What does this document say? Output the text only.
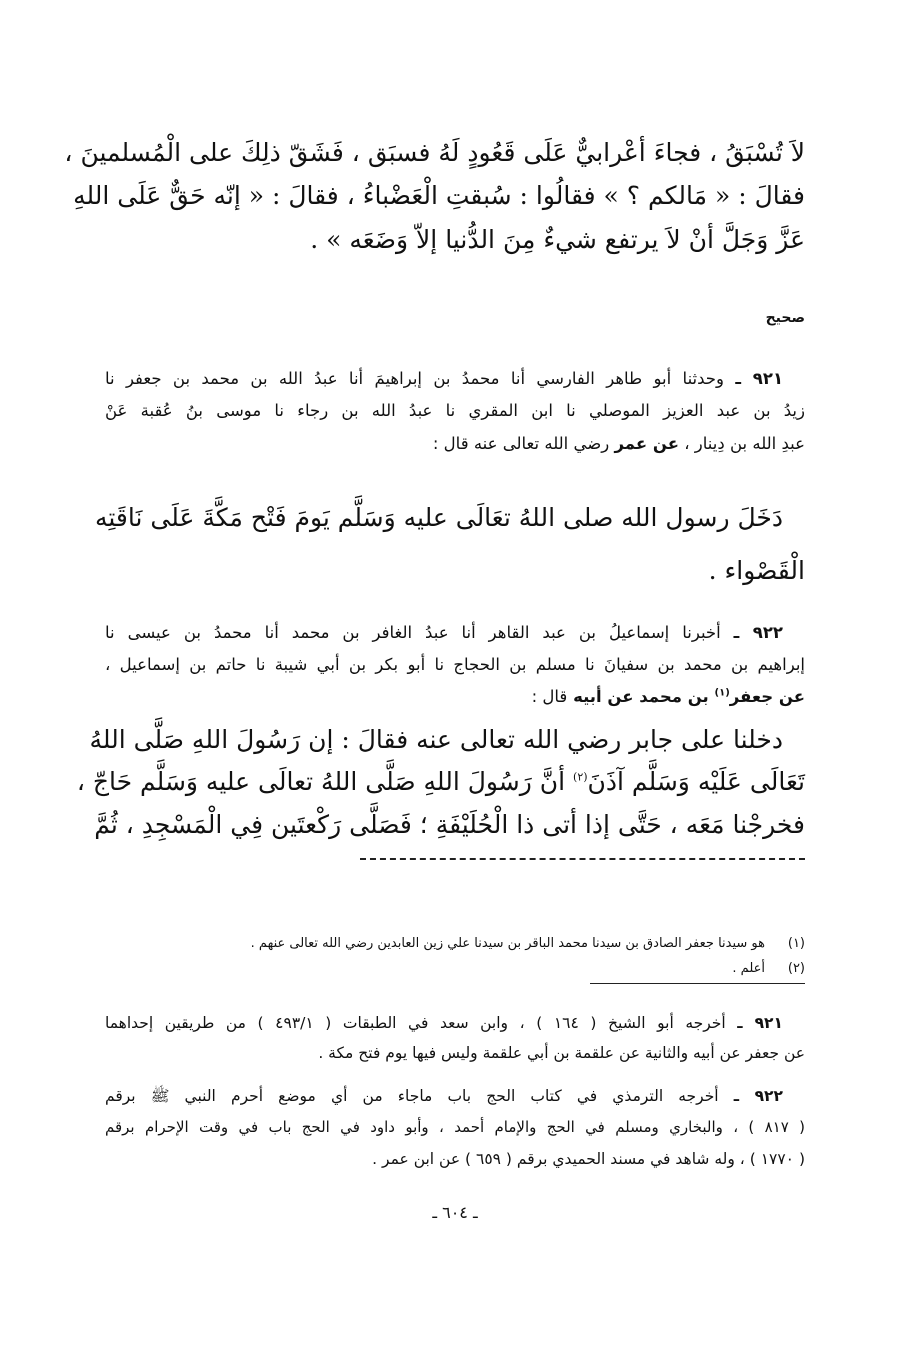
لاَ تُسْبَقُ ، فجاءَ أعْرابيٌّ عَلَى قَعُودٍ لَهُ فسبَق ، فَشَقّ ذلِكَ على الْمُسلمينَ ،
فقالَ : « مَالكم ؟ » فقالُوا : سُبقتِ الْعَضْباءُ ، فقالَ : « إنّه حَقٌّ عَلَى اللهِ
عَزَّ وَجَلَّ أنْ لاَ يرتفع شيءٌ مِنَ الدُّنيا إلاّ وَضَعَه » .
صحيح
٩٢١ ـ وحدثنا أبو طاهر الفارسي أنا محمدُ بن إبراهيمَ أنا عبدُ الله بن محمد بن جعفر نا
زيدُ بن عبد العزيز الموصلي نا ابن المقري نا عبدُ الله بن رجاء نا موسى بنُ عُقبة عَنْ
عبدِ الله بن دِينار ، عن عمر رضي الله تعالى عنه قال :
دَخَلَ رسول الله صلى اللهُ تعَالَى عليه وَسَلَّم يَومَ فَتْح مَكَّةَ عَلَى نَاقَتِه
الْقَصْواء .
٩٢٢ ـ أخبرنا إسماعيلُ بن عبد القاهر أنا عبدُ الغافر بن محمد أنا محمدُ بن عيسى نا
إبراهيم بن محمد بن سفيانَ نا مسلم بن الحجاج نا أبو بكر بن أبي شيبة نا حاتم بن إسماعيل ،
عن جعفر$^{(١)}$ بن محمد عن أبيه قال :
دخلنا على جابر رضي الله تعالى عنه فقالَ : إن رَسُولَ اللهِ صَلَّى اللهُ
تَعَالَى عَلَيْه وَسَلَّم آذَنَ$^{(٢)}$ أنَّ رَسُولَ اللهِ صَلَّى اللهُ تعالَى عليه وَسَلَّم حَاجّ ،
فخرجْنا مَعَه ، حَتَّى إذا أتى ذا الْحُلَيْفَةِ ؛ فَصَلَّى رَكْعتَين فِي الْمَسْجِدِ ، ثُمَّ
(١)هو سيدنا جعفر الصادق بن سيدنا محمد الباقر بن سيدنا علي زين العابدين رضي الله تعالى عنهم .
(٢)أعلم .
٩٢١ ـ أخرجه أبو الشيخ ( ١٦٤ ) ، وابن سعد في الطبقات ( ٤٩٣/١ ) من طريقين إحداهما
عن جعفر عن أبيه والثانية عن علقمة بن أبي علقمة وليس فيها يوم فتح مكة .
٩٢٢ ـ أخرجه الترمذي في كتاب الحج باب ماجاء من أي موضع أحرم النبي ﷺ برقم
( ٨١٧ ) ، والبخاري ومسلم في الحج والإمام أحمد ، وأبو داود في الحج باب في وقت الإحرام برقم
( ١٧٧٠ ) ، وله شاهد في مسند الحميدي برقم ( ٦٥٩ ) عن ابن عمر .
ـ ٦٠٤ ـ
